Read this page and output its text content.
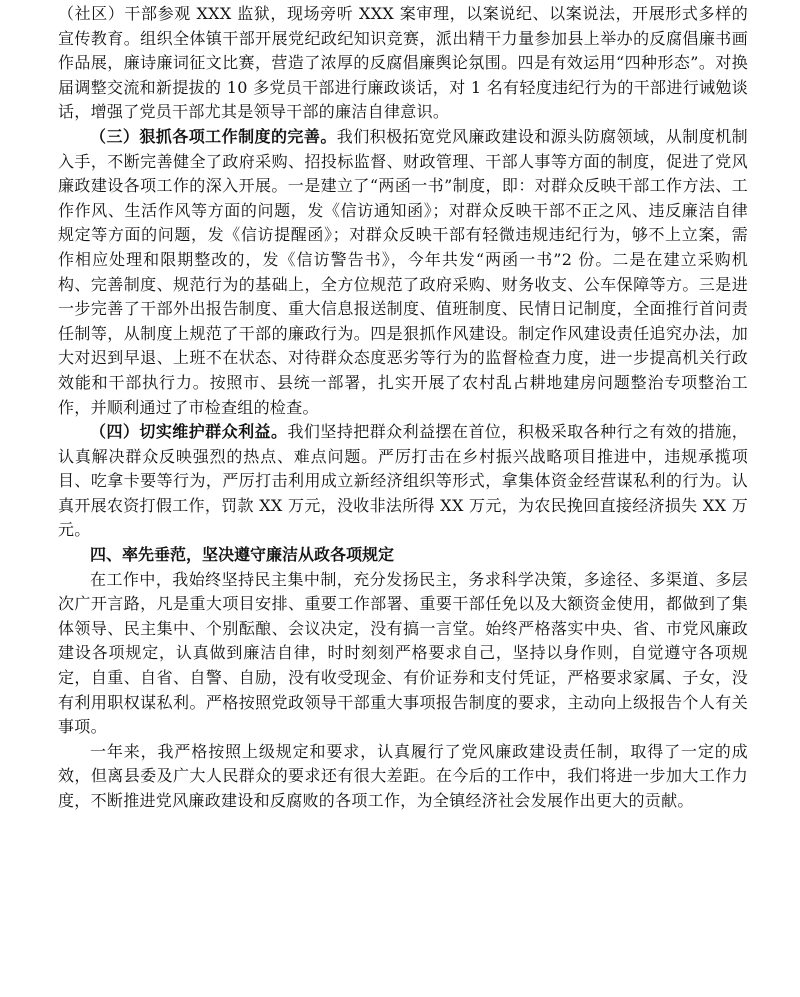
（社区）干部参观 XXX 监狱，现场旁听 XXX 案审理，以案说纪、以案说法，开展形式多样的宣传教育。组织全体镇干部开展党纪政纪知识竞赛，派出精干力量参加县上举办的反腐倡廉书画作品展，廉诗廉词征文比赛，营造了浓厚的反腐倡廉舆论氛围。四是有效运用“四种形态”。对换届调整交流和新提拔的 10 多党员干部进行廉政谈话，对 1 名有轻度违纪行为的干部进行诫勉谈话，增强了党员干部尤其是领导干部的廉洁自律意识。

（三）狠抓各项工作制度的完善。我们积极拓宽党风廉政建设和源头防腐领域，从制度机制入手，不断完善健全了政府采购、招投标监督、财政管理、干部人事等方面的制度，促进了党风廉政建设各项工作的深入开展。一是建立了“两函一书”制度，即：对群众反映干部工作方法、工作作风、生活作风等方面的问题，发《信访通知函》；对群众反映干部不正之风、违反廉洁自律规定等方面的问题，发《信访提醒函》；对群众反映干部有轻微违规违纪行为，够不上立案，需作相应处理和限期整改的，发《信访警告书》，今年共发“两函一书”2 份。二是在建立采购机构、完善制度、规范行为的基础上，全方位规范了政府采购、财务收支、公车保障等方。三是进一步完善了干部外出报告制度、重大信息报送制度、值班制度、民情日记制度，全面推行首问责任制等，从制度上规范了干部的廉政行为。四是狠抓作风建设。制定作风建设责任追究办法，加大对迟到早退、上班不在状态、对待群众态度恶劣等行为的监督检查力度，进一步提高机关行政效能和干部执行力。按照市、县统一部署，扎实开展了农村乱占耕地建房问题整治专项整治工作，并顺利通过了市检查组的检查。

（四）切实维护群众利益。我们坚持把群众利益摆在首位，积极采取各种行之有效的措施，认真解决群众反映强烈的热点、难点问题。严厉打击在乡村振兴战略项目推进中，违规承揽项目、吃拿卡要等行为，严厉打击利用成立新经济组织等形式，拿集体资金经营谋私利的行为。认真开展农资打假工作，罚款 XX 万元，没收非法所得 XX 万元，为农民挽回直接经济损失 XX 万元。

四、率先垂范，坚决遵守廉洁从政各项规定

在工作中，我始终坚持民主集中制，充分发扬民主，务求科学决策，多途径、多渠道、多层次广开言路，凡是重大项目安排、重要工作部署、重要干部任免以及大额资金使用，都做到了集体领导、民主集中、个别酝酿、会议决定，没有搞一言堂。始终严格落实中央、省、市党风廉政建设各项规定，认真做到廉洁自律，时时刻刻严格要求自己，坚持以身作则，自觉遵守各项规定，自重、自省、自警、自励，没有收受现金、有价证券和支付凭证，严格要求家属、子女，没有利用职权谋私利。严格按照党政领导干部重大事项报告制度的要求，主动向上级报告个人有关事项。

一年来，我严格按照上级规定和要求，认真履行了党风廉政建设责任制，取得了一定的成效，但离县委及广大人民群众的要求还有很大差距。在今后的工作中，我们将进一步加大工作力度，不断推进党风廉政建设和反腐败的各项工作，为全镇经济社会发展作出更大的贡献。
